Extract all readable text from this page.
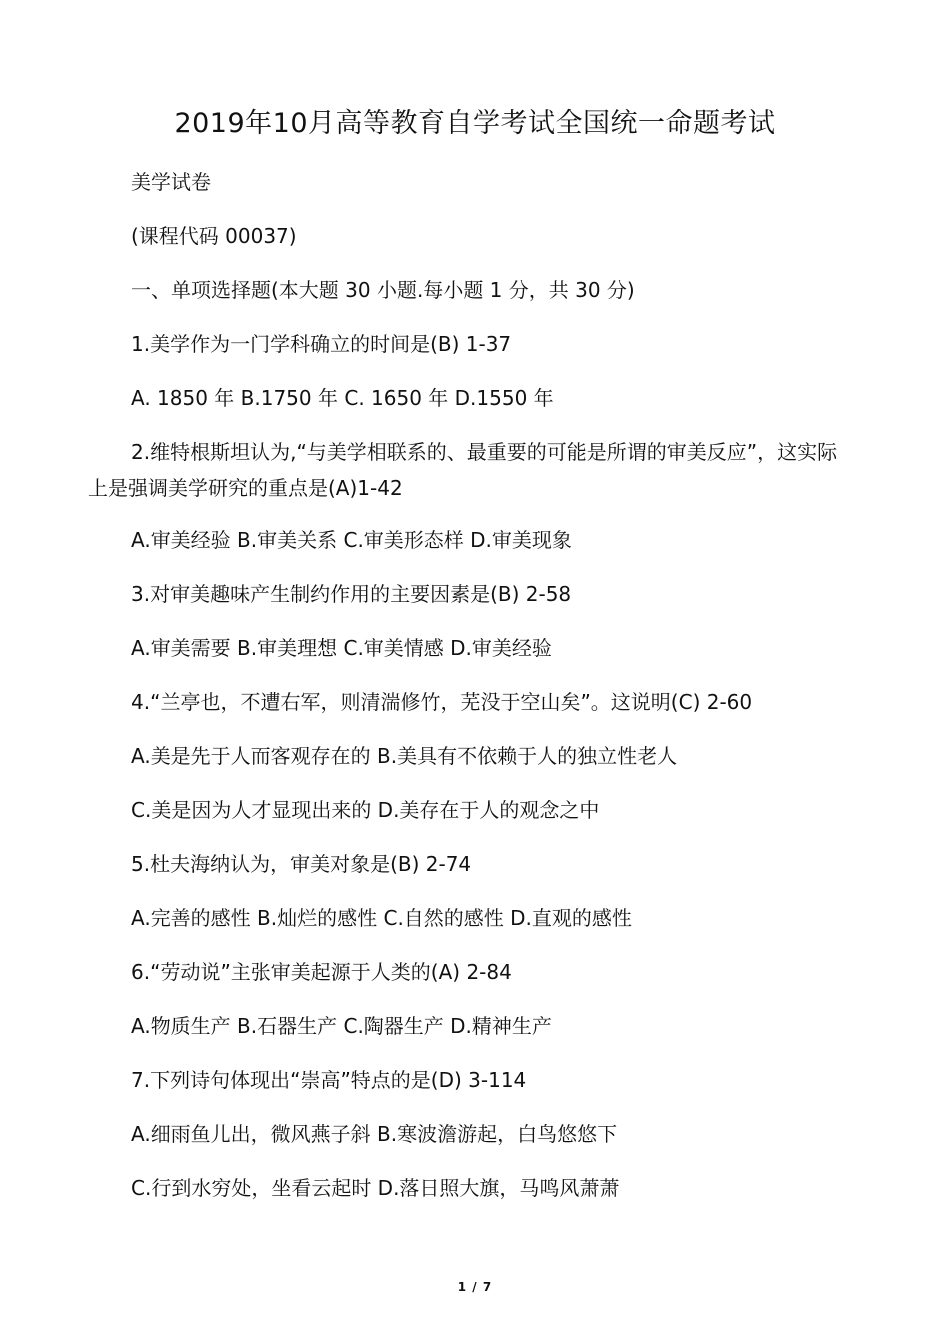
2019年10月高等教育自学考试全国统一命题考试
美学试卷
(课程代码 00037)
一、单项选择题(本大题 30 小题.每小题 1 分，共 30 分)
1.美学作为一门学科确立的时间是(B) 1-37
A. 1850 年 B.1750 年 C. 1650 年 D.1550 年
2.维特根斯坦认为,“与美学相联系的、最重要的可能是所谓的审美反应”，这实际上是强调美学研究的重点是(A)1-42
A.审美经验 B.审美关系 C.审美形态样 D.审美现象
3.对审美趣味产生制约作用的主要因素是(B) 2-58
A.审美需要 B.审美理想 C.审美情感 D.审美经验
4.“兰亭也，不遭右军，则清湍修竹，芜没于空山矣”。这说明(C) 2-60
A.美是先于人而客观存在的 B.美具有不依赖于人的独立性老人
C.美是因为人才显现出来的 D.美存在于人的观念之中
5.杜夫海纳认为，审美对象是(B) 2-74
A.完善的感性 B.灿烂的感性 C.自然的感性 D.直观的感性
6.“劳动说”主张审美起源于人类的(A) 2-84
A.物质生产 B.石器生产 C.陶器生产 D.精神生产
7.下列诗句体现出“崇高”特点的是(D) 3-114
A.细雨鱼儿出，微风燕子斜 B.寒波澹游起，白鸟悠悠下
C.行到水穷处，坐看云起时 D.落日照大旗，马鸣风萧萧
1 / 7
